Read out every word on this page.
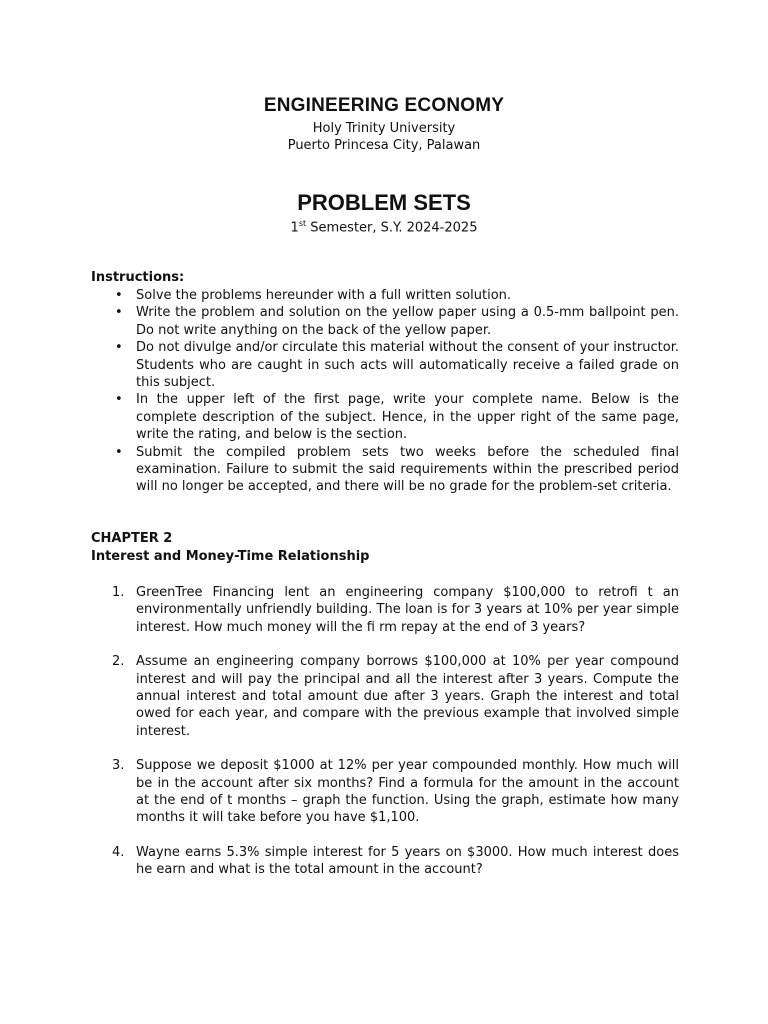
ENGINEERING ECONOMY
Holy Trinity University
Puerto Princesa City, Palawan
PROBLEM SETS
1st Semester, S.Y. 2024-2025
Instructions:
• Solve the problems hereunder with a full written solution.
• Write the problem and solution on the yellow paper using a 0.5-mm ballpoint pen. Do not write anything on the back of the yellow paper.
• Do not divulge and/or circulate this material without the consent of your instructor. Students who are caught in such acts will automatically receive a failed grade on this subject.
• In the upper left of the first page, write your complete name. Below is the complete description of the subject. Hence, in the upper right of the same page, write the rating, and below is the section.
• Submit the compiled problem sets two weeks before the scheduled final examination. Failure to submit the said requirements within the prescribed period will no longer be accepted, and there will be no grade for the problem-set criteria.
CHAPTER 2
Interest and Money-Time Relationship
1. GreenTree Financing lent an engineering company $100,000 to retrofi t an environmentally unfriendly building. The loan is for 3 years at 10% per year simple interest. How much money will the fi rm repay at the end of 3 years?
2. Assume an engineering company borrows $100,000 at 10% per year compound interest and will pay the principal and all the interest after 3 years. Compute the annual interest and total amount due after 3 years. Graph the interest and total owed for each year, and compare with the previous example that involved simple interest.
3. Suppose we deposit $1000 at 12% per year compounded monthly. How much will be in the account after six months? Find a formula for the amount in the account at the end of t months – graph the function. Using the graph, estimate how many months it will take before you have $1,100.
4. Wayne earns 5.3% simple interest for 5 years on $3000. How much interest does he earn and what is the total amount in the account?
